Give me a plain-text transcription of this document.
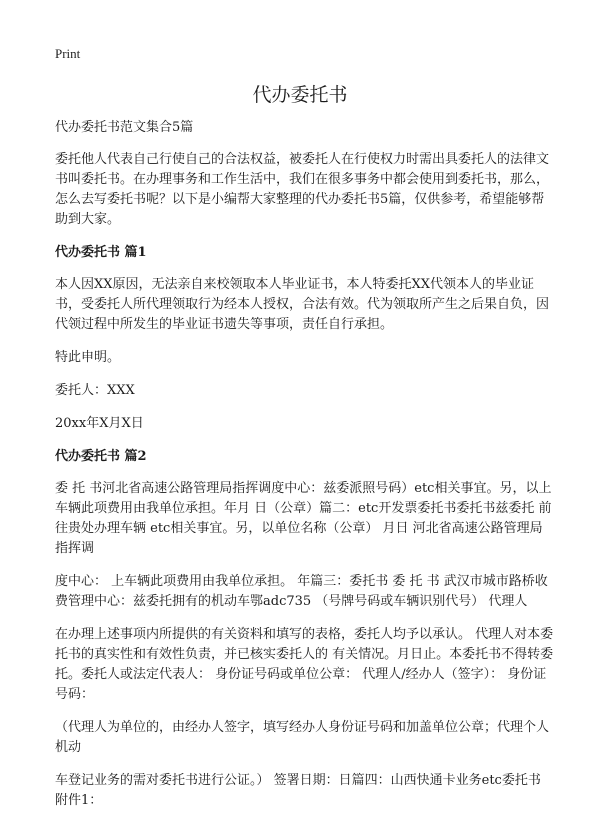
Print
代办委托书

代办委托书范文集合5篇

委托他人代表自己行使自己的合法权益，被委托人在行使权力时需出具委托人的法律文书叫委托书。在办理事务和工作生活中，我们在很多事务中都会使用到委托书，那么，怎么去写委托书呢？以下是小编帮大家整理的代办委托书5篇，仅供参考，希望能够帮助到大家。

代办委托书 篇1

本人因XX原因，无法亲自来校领取本人毕业证书，本人特委托XX代领本人的毕业证书，受委托人所代理领取行为经本人授权，合法有效。代为领取所产生之后果自负，因代领过程中所发生的毕业证书遗失等事项，责任自行承担。

特此申明。

委托人：XXX

20xx年X月X日

代办委托书 篇2

委 托 书河北省高速公路管理局指挥调度中心：兹委派照号码）etc相关事宜。另，以上车辆此项费用由我单位承担。年月 日（公章）篇二：etc开发票委托书委托书兹委托 前往贵处办理车辆 etc相关事宜。另，以单位名称（公章） 月日 河北省高速公路管理局指挥调

度中心： 上车辆此项费用由我单位承担。 年篇三：委托书 委 托 书 武汉市城市路桥收费管理中心：兹委托拥有的机动车鄂adc735 （号牌号码或车辆识别代号） 代理人

在办理上述事项内所提供的有关资料和填写的表格，委托人均予以承认。 代理人对本委托书的真实性和有效性负责，并已核实委托人的 有关情况。月日止。本委托书不得转委托。委托人或法定代表人： 身份证号码或单位公章： 代理人/经办人（签字）： 身份证号码：

（代理人为单位的，由经办人签字，填写经办人身份证号码和加盖单位公章；代理个人机动

车登记业务的需对委托书进行公证。） 签署日期：日篇四：山西快通卡业务etc委托书 附件1：
